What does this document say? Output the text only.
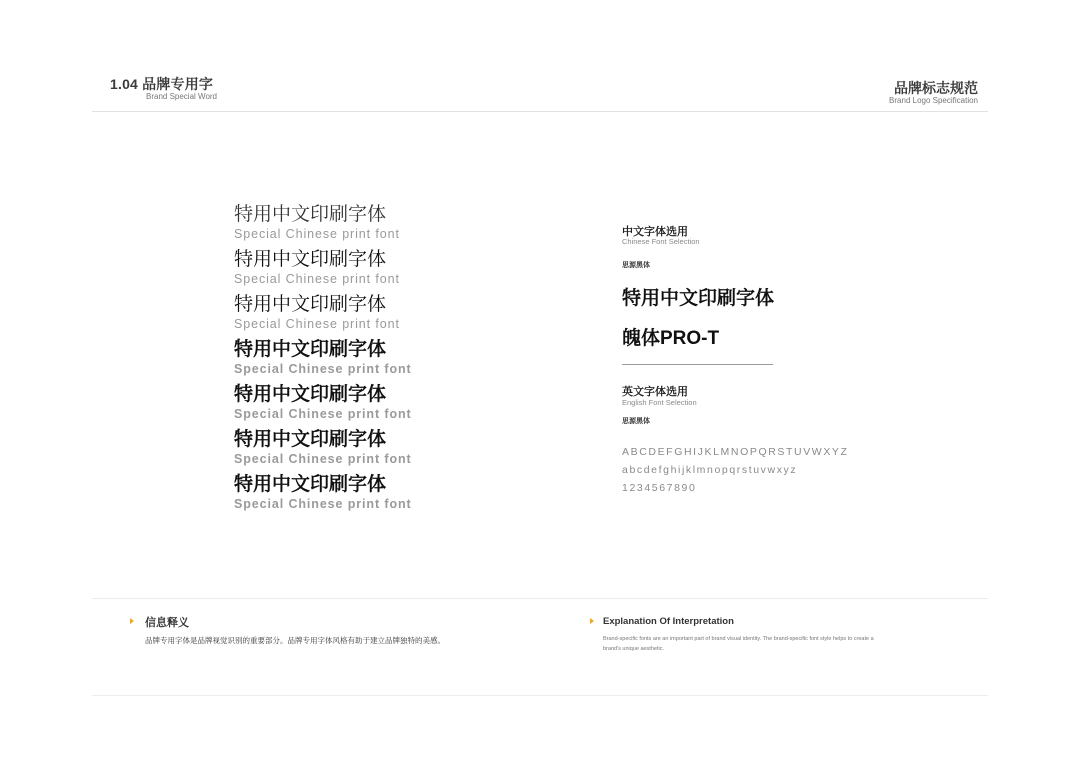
1.04 品牌专用字
Brand Special Word
品牌标志规范
Brand Logo Specification
特用中文印刷字体
Special Chinese print font
特用中文印刷字体
Special Chinese print font
特用中文印刷字体
Special Chinese print font
特用中文印刷字体
Special Chinese print font
特用中文印刷字体
Special Chinese print font
特用中文印刷字体
Special Chinese print font
特用中文印刷字体
Special Chinese print font
中文字体选用
Chinese Font Selection
思源黑体
特用中文印刷字体
魄体PRO-T
英文字体选用
English Font Selection
思源黑体
ABCDEFGHIJKLMNOPQRSTUVWXYZ
abcdefghijklmnopqrstuvwxyz
1234567890
信息释义
品牌专用字体是品牌视觉识别的重要部分。品牌专用字体风格有助于建立品牌独特的美感。
Explanation Of Interpretation
Brand-specific fonts are an important part of brand visual identity. The brand-specific font style helps to create a brand's unique aesthetic.
